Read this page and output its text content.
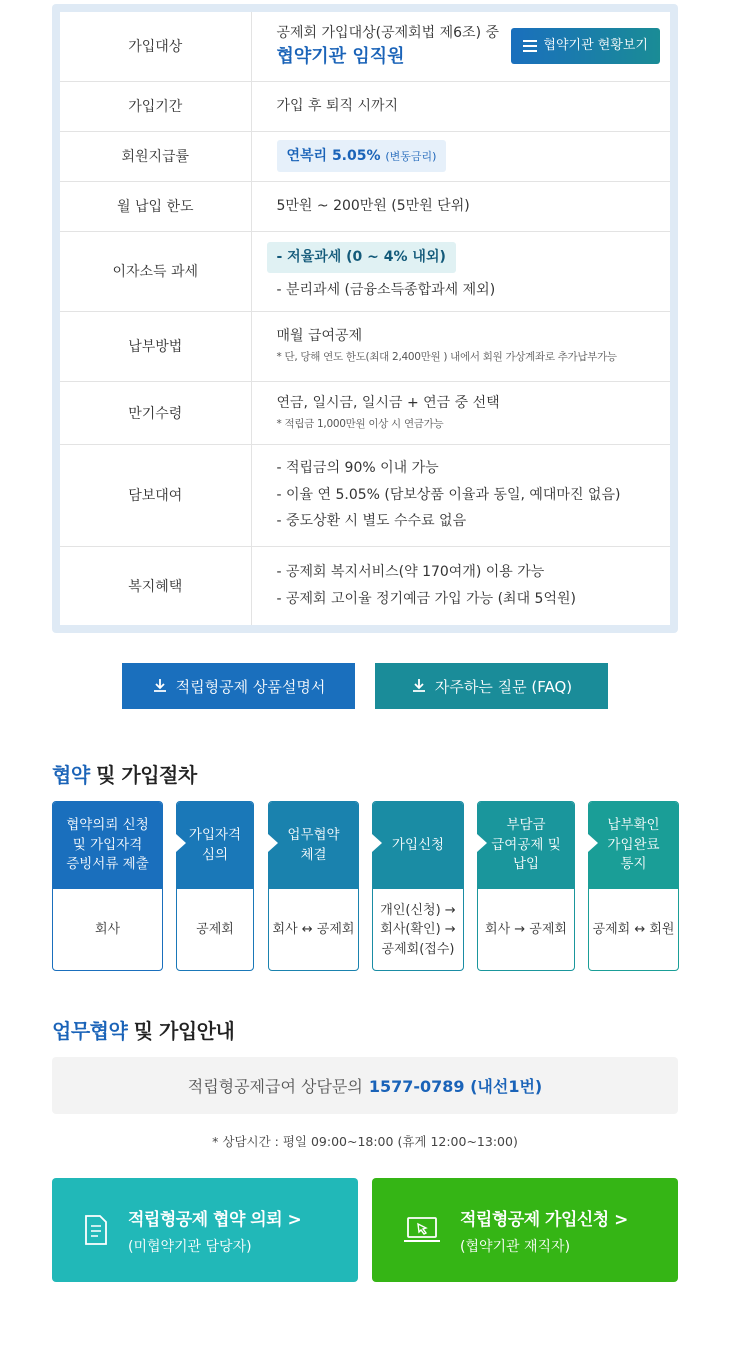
가입대상	공제회 가입대상(공제회법 제6조) 중
협약기관 임직원 협약기관 현황보기

가입기간	가입 후 퇴직 시까지
회원지급률	연복리 5.05% (변동금리)
월 납입 한도	5만원 ~ 200만원 (5만원 단위)
이자소득 과세	- 저율과세 (0 ~ 4% 내외)
- 분리과세 (금융소득종합과세 제외)

납부방법	매월 급여공제
* 단, 당해 연도 한도(최대 2,400만원 ) 내에서 회원 가상계좌로 추가납부가능

만기수령	연금, 일시금, 일시금 + 연금 중 선택
* 적립금 1,000만원 이상 시 연금가능

담보대여	- 적립금의 90% 이내 가능
- 이율 연 5.05% (담보상품 이율과 동일, 예대마진 없음)
- 중도상환 시 별도 수수료 없음

복지혜택	- 공제회 복지서비스(약 170여개) 이용 가능
- 공제회 고이율 정기예금 가입 가능 (최대 5억원)
적립형공제 상품설명서	자주하는 질문 (FAQ)
협약 및 가입절차
협약의뢰 신청
및 가입자격
증빙서류 제출
회사
가입자격
심의
공제회
업무협약
체결
회사 ↔ 공제회
가입신청
개인(신청) →
회사(확인) →
공제회(접수)
부담금
급여공제 및
납입
회사 → 공제회
납부확인
가입완료
통지
공제회 ↔ 회원
업무협약 및 가입안내
적립형공제급여 상담문의 1577-0789 (내선1번)
* 상담시간 : 평일 09:00~18:00 (휴게 12:00~13:00)
적립형공제 협약 의뢰 >
(미협약기관 담당자)
적립형공제 가입신청 >
(협약기관 재직자)
